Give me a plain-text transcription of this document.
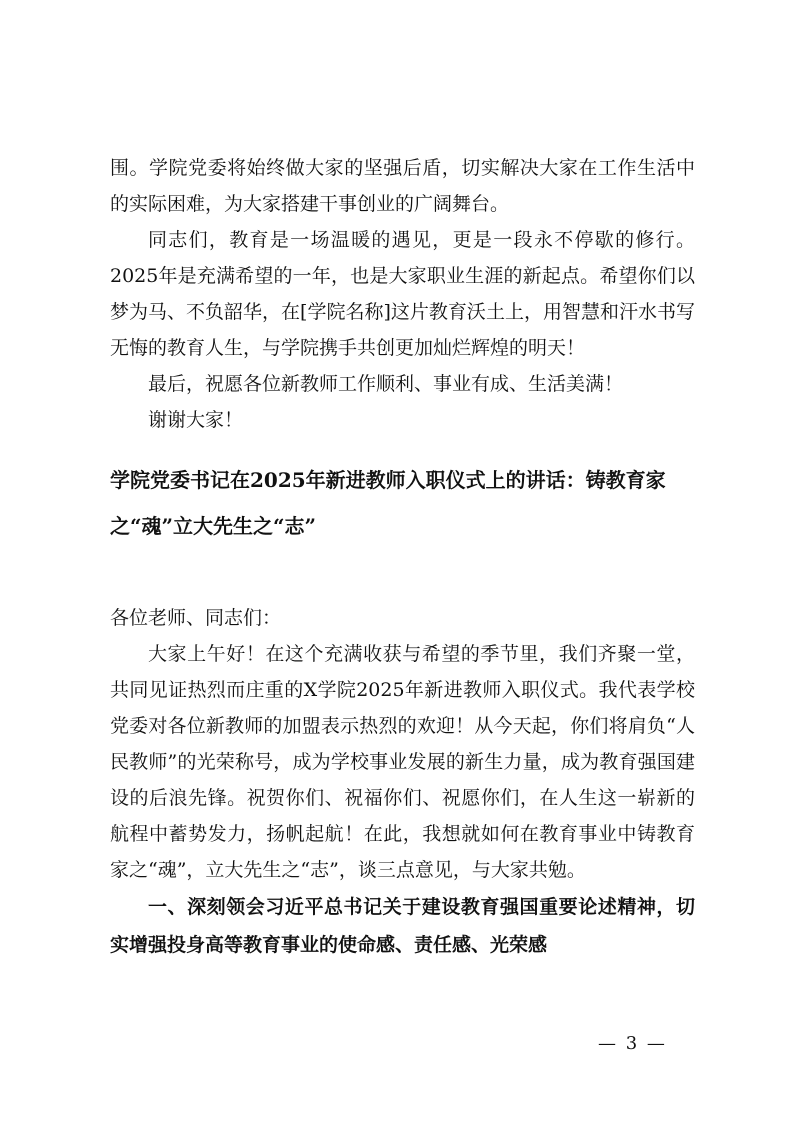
围。学院党委将始终做大家的坚强后盾，切实解决大家在工作生活中的实际困难，为大家搭建干事创业的广阔舞台。

同志们，教育是一场温暖的遇见，更是一段永不停歇的修行。2025年是充满希望的一年，也是大家职业生涯的新起点。希望你们以梦为马、不负韶华，在[学院名称]这片教育沃土上，用智慧和汗水书写无悔的教育人生，与学院携手共创更加灿烂辉煌的明天！

最后，祝愿各位新教师工作顺利、事业有成、生活美满！

谢谢大家！

学院党委书记在2025年新进教师入职仪式上的讲话：铸教育家之“魂”立大先生之“志”

各位老师、同志们：

大家上午好！在这个充满收获与希望的季节里，我们齐聚一堂，共同见证热烈而庄重的X学院2025年新进教师入职仪式。我代表学校党委对各位新教师的加盟表示热烈的欢迎！从今天起，你们将肩负“人民教师”的光荣称号，成为学校事业发展的新生力量，成为教育强国建设的后浪先锋。祝贺你们、祝福你们、祝愿你们，在人生这一崭新的航程中蓄势发力，扬帆起航！在此，我想就如何在教育事业中铸教育家之“魂”，立大先生之“志”，谈三点意见，与大家共勉。

一、深刻领会习近平总书记关于建设教育强国重要论述精神，切实增强投身高等教育事业的使命感、责任感、光荣感

— 3 —
